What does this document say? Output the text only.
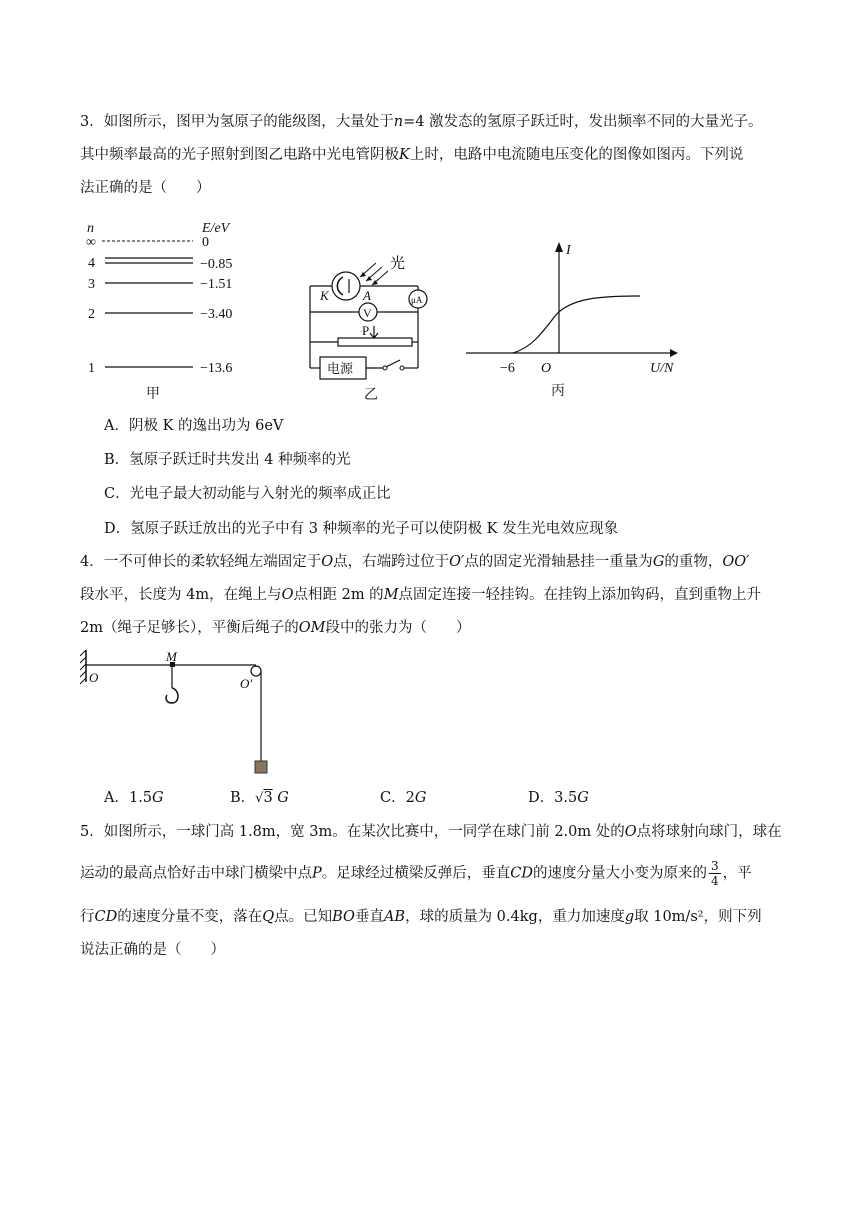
3．如图所示，图甲为氢原子的能级图，大量处于n=4 激发态的氢原子跃迁时，发出频率不同的大量光子。
其中频率最高的光子照射到图乙电路中光电管阴极K上时，电路中电流随电压变化的图像如图丙。下列说
法正确的是（　　）
n	E/eV
∞	0
4	−0.85
3	−1.51
2	−3.40
1	−13.6
甲
光
K	A	μA
V
P
电源
乙
I
U/N
O
−6
丙
A．阴极 K 的逸出功为 6eV
B．氢原子跃迁时共发出 4 种频率的光
C．光电子最大初动能与入射光的频率成正比
D．氢原子跃迁放出的光子中有 3 种频率的光子可以使阴极 K 发生光电效应现象
4．一不可伸长的柔软轻绳左端固定于O点，右端跨过位于O′点的固定光滑轴悬挂一重量为G的重物，OO′
段水平，长度为 4m，在绳上与O点相距 2m 的M点固定连接一轻挂钩。在挂钩上添加钩码，直到重物上升
2m（绳子足够长），平衡后绳子的OM段中的张力为（　　）
O
M
O′
A．1.5G	B．√3 G	C．2G	D．3.5G
5．如图所示，一球门高 1.8m，宽 3m。在某次比赛中，一同学在球门前 2.0m 处的O点将球射向球门，球在
运动的最高点恰好击中球门横梁中点P。足球经过横梁反弹后，垂直CD的速度分量大小变为原来的 $\frac{3}{4}$ ，平
行CD的速度分量不变，落在Q点。已知BO垂直AB，球的质量为 0.4kg，重力加速度g取 10m/s²，则下列
说法正确的是（　　）
